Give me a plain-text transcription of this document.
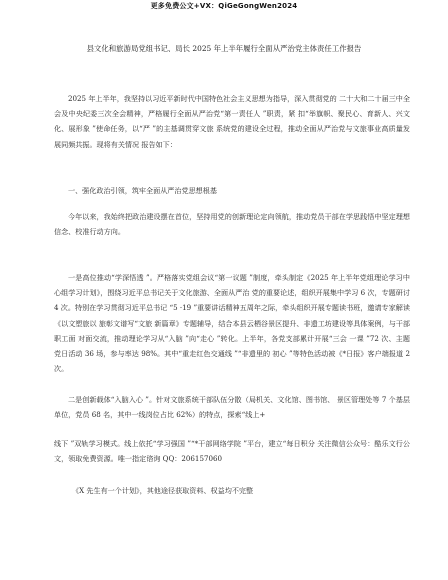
更多免费公文+VX：QiGeGongWen2024
县文化和旅游局党组书记、局长 2025 年上半年履行全面从严治党主体责任工作报告
2025 年上半年，我坚持以习近平新时代中国特色社会主义思想为指导，深入贯彻党的 二十大和二十届三中全会及中央纪委三次全会精神，严格履行全面从严治党“第一责任人 ”职责，紧 扣“举旗帜、聚民心、育新人、兴文化、展形象 ”使命任务，以“严 ”的主基调贯穿文旅 系统党的建设全过程，推动全面从严治党与文旅事业高质量发展同频共振。现将有关情况 报告如下：
一、强化政治引领，筑牢全面从严治党思想根基
今年以来，我始终把政治建设摆在首位，坚持用党的创新理论定向领航，推动党员干部在学思践悟中坚定理想信念、校准行动方向。
一是高位推动“学深悟透 ”。严格落实党组会议“第一议题 ”制度，牵头制定《2025 年上半年党组理论学习中心组学习计划》，围绕习近平总书记关于文化旅游、全面从严治 党的重要论述，组织开展集中学习 6 次，专题研讨 4 次。特别在学习贯彻习近平总书记 “5 ·19 ”重要讲话精神五周年之际，牵头组织开展专题读书班，邀请专家解读《以文塑旅以 旅彰文谱写“文旅 新篇章》专题辅导，结合本县云栖谷景区提升、非遗工坊建设等具体案例，与干部职工面 对面交流，推动理论学习从“入脑 ”向“走心 ”转化。上半年，各党支部累计开展“三会 一课 ”72 次、主题党日活动 36 场，参与率达 98%。其中“重走红色交通线 ”“非遗里的 初心 ”等特色活动被《*日报》客户端报道 2 次。
二是创新载体“入脑入心 ”。针对文旅系统干部队伍分散（局机关、文化馆、图书馆、 景区管理处等 7 个基层单位，党员 68 名，其中一线岗位占比 62%）的特点，探索“线上+
线下 ”双轨学习模式。线上依托“学习强国 ”“*干部网络学院 ”平台，建立“每日积分 关注微信公众号：酷乐文行公文，领取免费资源。唯一指定谘询 QQ：206157060
《X 先生有一个计划》，其他途径获取资料、权益均不完整
